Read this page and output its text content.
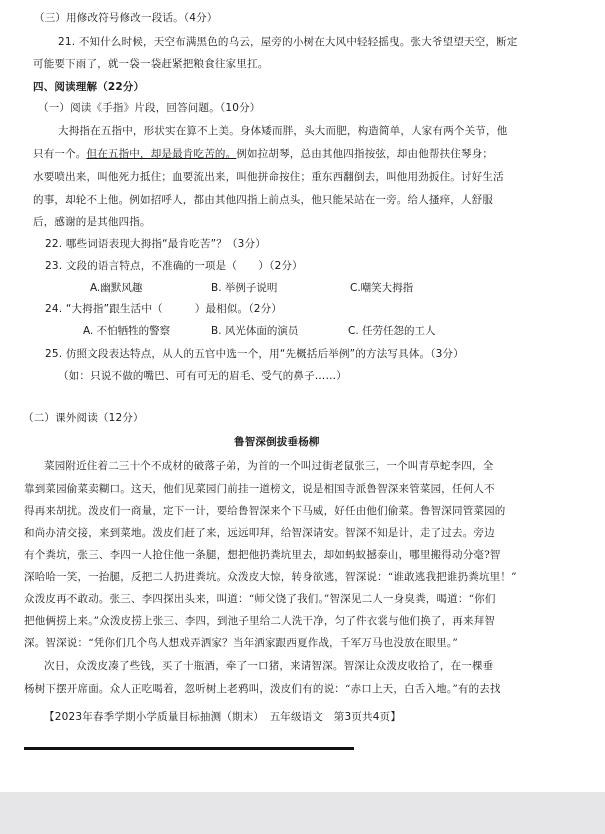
（三）用修改符号修改一段话。（4分）
21. 不知什么时候，天空布满黑色的乌云，屋旁的小树在大风中轻轻摇曳。张大爷望望天空，断定
可能要下雨了，就一袋一袋赶紧把粮食往家里扛。
四、阅读理解（22分）
（一）阅读《手指》片段，回答问题。（10分）
大拇指在五指中，形状实在算不上美。身体矮而胖，头大而肥，构造简单，人家有两个关节，他
只有一个。但在五指中，却是最肯吃苦的。例如拉胡琴，总由其他四指按弦，却由他帮扶住琴身；
水要喷出来，叫他死力抵住；血要流出来，叫他拼命按住；重东西翻倒去，叫他用劲扳住。讨好生活
的事，却轮不上他。例如招呼人，都由其他四指上前点头，他只能呆站在一旁。给人搔痒，人舒服
后，感谢的是其他四指。
22. 哪些词语表现大拇指“最肯吃苦”？（3分）
23. 文段的语言特点，不准确的一项是（　　）（2分）
A.幽默风趣	B. 举例子说明	C.嘲笑大拇指
24. “大拇指”跟生活中（　　　）最相似。（2分）
A. 不怕牺牲的警察	B. 风光体面的演员	C. 任劳任怨的工人
25. 仿照文段表达特点，从人的五官中选一个，用“先概括后举例”的方法写具体。（3分）
（如：只说不做的嘴巴、可有可无的眉毛、受气的鼻子……）
（二）课外阅读（12分）
鲁智深倒拔垂杨柳
菜园附近住着二三十个不成材的破落子弟，为首的一个叫过街老鼠张三，一个叫青草蛇李四，全
靠到菜园偷菜卖糊口。这天，他们见菜园门前挂一道榜文，说是相国寺派鲁智深来管菜园，任何人不
得再来胡扰。泼皮们一商量，定下一计，要给鲁智深来个下马威，好任由他们偷菜。鲁智深同管菜园的
和尚办清交接，来到菜地。泼皮们赶了来，远远叩拜，给智深请安。智深不知是计，走了过去。旁边
有个粪坑，张三、李四一人抢住他一条腿，想把他扔粪坑里去，却如蚂蚁撼泰山，哪里搬得动分毫?智
深哈哈一笑，一抬腿，反把二人扔进粪坑。众泼皮大惊，转身欲逃，智深说：“谁敢逃我把谁扔粪坑里！”
众泼皮再不敢动。张三、李四探出头来，叫道：“师父饶了我们。”智深见二人一身臭粪，喝道：“你们
把他俩捞上来。”众泼皮捞上张三、李四，到池子里给二人洗干净，匀了件衣裳与他们换了，再来拜智
深。智深说：“凭你们几个鸟人想戏弄洒家？当年洒家跟西夏作战，千军万马也没放在眼里。”
次日，众泼皮凑了些钱，买了十瓶酒，牵了一口猪，来请智深。智深让众泼皮收拾了，在一棵垂
杨树下摆开席面。众人正吃喝着，忽听树上老鸦叫，泼皮们有的说：“赤口上天，白舌入地。”有的去找
【2023年春季学期小学质量目标抽测（期末）　五年级语文　第3页共4页】
